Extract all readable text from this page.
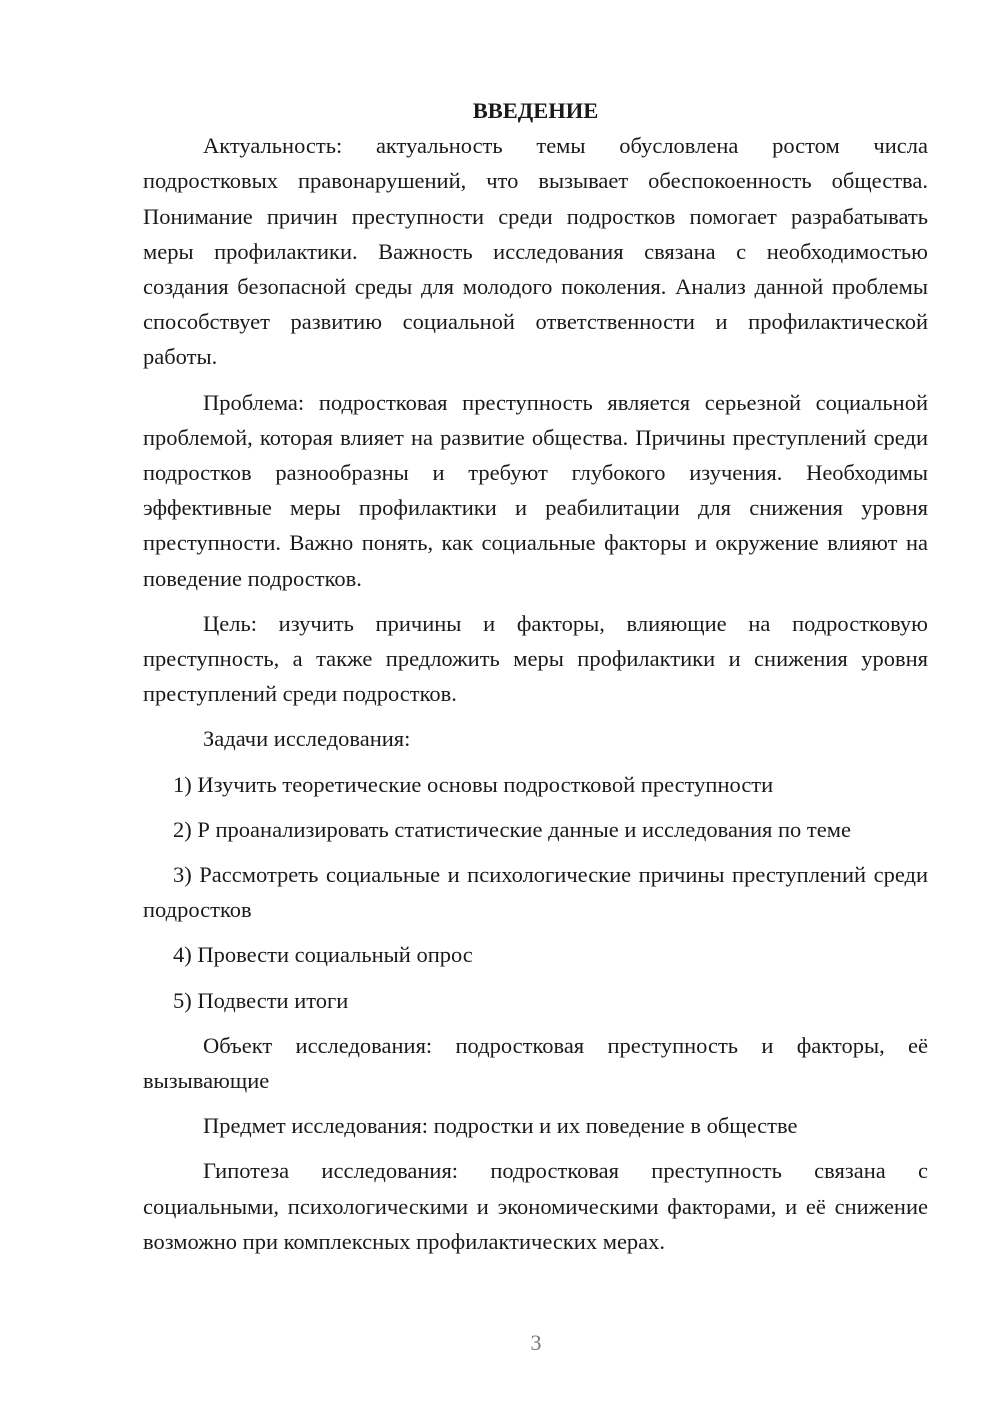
ВВЕДЕНИЕ

Актуальность: актуальность темы обусловлена ростом числа подростковых правонарушений, что вызывает обеспокоенность общества. Понимание причин преступности среди подростков помогает разрабатывать меры профилактики. Важность исследования связана с необходимостью создания безопасной среды для молодого поколения. Анализ данной проблемы способствует развитию социальной ответственности и профилактической работы.

Проблема: подростковая преступность является серьезной социальной проблемой, которая влияет на развитие общества. Причины преступлений среди подростков разнообразны и требуют глубокого изучения. Необходимы эффективные меры профилактики и реабилитации для снижения уровня преступности. Важно понять, как социальные факторы и окружение влияют на поведение подростков.

Цель: изучить причины и факторы, влияющие на подростковую преступность, а также предложить меры профилактики и снижения уровня преступлений среди подростков.

Задачи исследования:

1) Изучить теоретические основы подростковой преступности

2) Р проанализировать статистические данные и исследования по теме

3) Рассмотреть социальные и психологические причины преступлений среди подростков

4) Провести социальный опрос

5) Подвести итоги

Объект исследования: подростковая преступность и факторы, её вызывающие

Предмет исследования: подростки и их поведение в обществе

Гипотеза исследования: подростковая преступность связана с социальными, психологическими и экономическими факторами, и её снижение возможно при комплексных профилактических мерах.

3
